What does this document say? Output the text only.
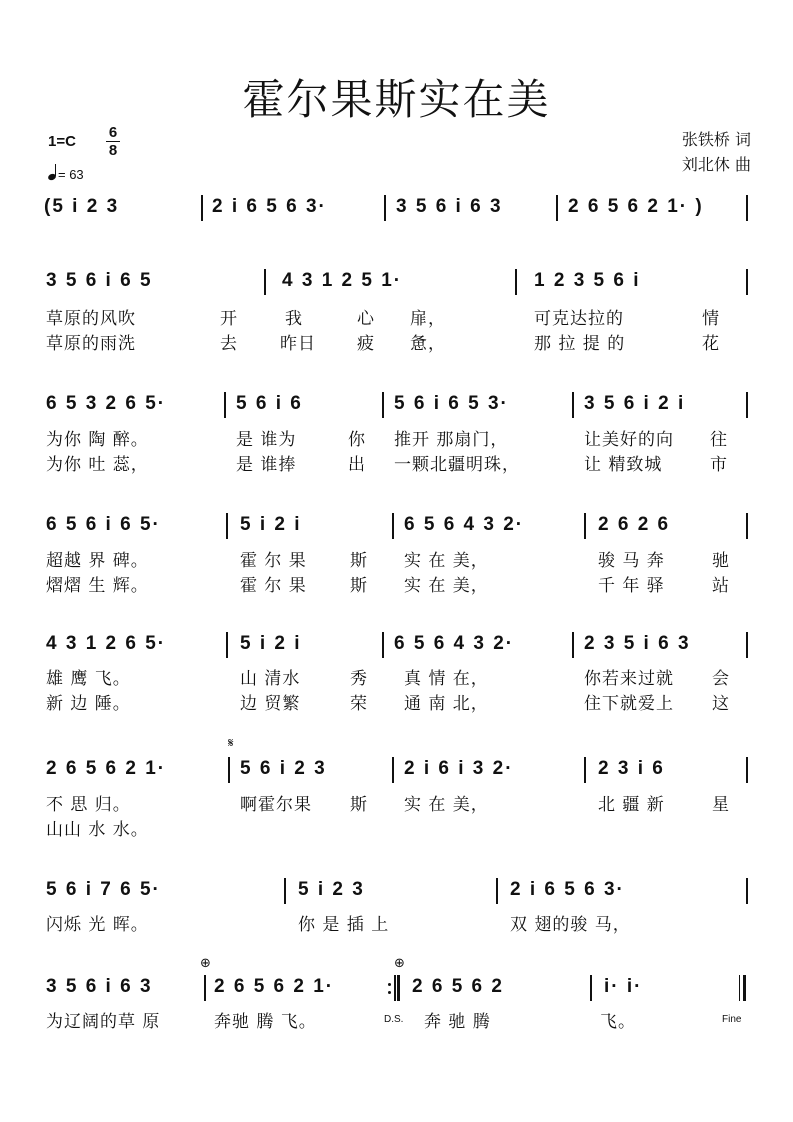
霍尔果斯实在美
1=C
6
8
= 63
张铁桥 词
刘北休 曲
(5 i 2 3	2 i 6 5 6 3·	3 5 6 i 6 3	2 6 5 6 2 1· )
3 5 6 i 6 5	4 3 1 2 5 1·	1 2 3 5 6 i
草原的风吹	开	我	心 扉，	可克达拉的	情
草原的雨洗	去 昨日 疲 惫，	那 拉 提 的	花
6 5 3 2 6 5·	5 6 i 6	5 6 i 6 5 3·	3 5 6 i 2 i
为你 陶 醉。	是 谁为	你 推开 那扇门，	让美好的向 往
为你 吐 蕊，	是 谁捧	出 一颗北疆明珠，	让 精致城	市
6 5 6 i 6 5·	5 i 2 i	6 5 6 4 3 2·	2 6 2 6
超越 界 碑。	霍 尔 果	斯 实 在 美，	骏 马 奔	驰
熠熠 生 辉。	霍 尔 果	斯 实 在 美，	千 年 驿	站
4 3 1 2 6 5·	5 i 2 i	6 5 6 4 3 2·	2 3 5 i 6 3
雄 鹰 飞。	山 清水	秀 真 情 在，	你若来过就 会
新 边 陲。	边 贸繁	荣 通 南 北，	住下就爱上 这
𝄋
2 6 5 6 2 1·	5 6 i 2 3	2 i 6 i 3 2·	2 3 i 6
不 思 归。	啊霍尔果 斯 实 在 美，	北 疆 新	星
山山 水 水。
5 6 i 7 6 5·	5 i 2 3	2 i 6 5 6 3·
闪烁 光 晖。	你 是 插 上	双 翅的骏 马，
⊕	⊕
3 5 6 i 6 3	2 6 5 6 2 1·	2 6 5 6 2	i· i·
为辽阔的草 原	奔驰 腾 飞。	D.S. 奔 驰 腾	飞。	Fine
